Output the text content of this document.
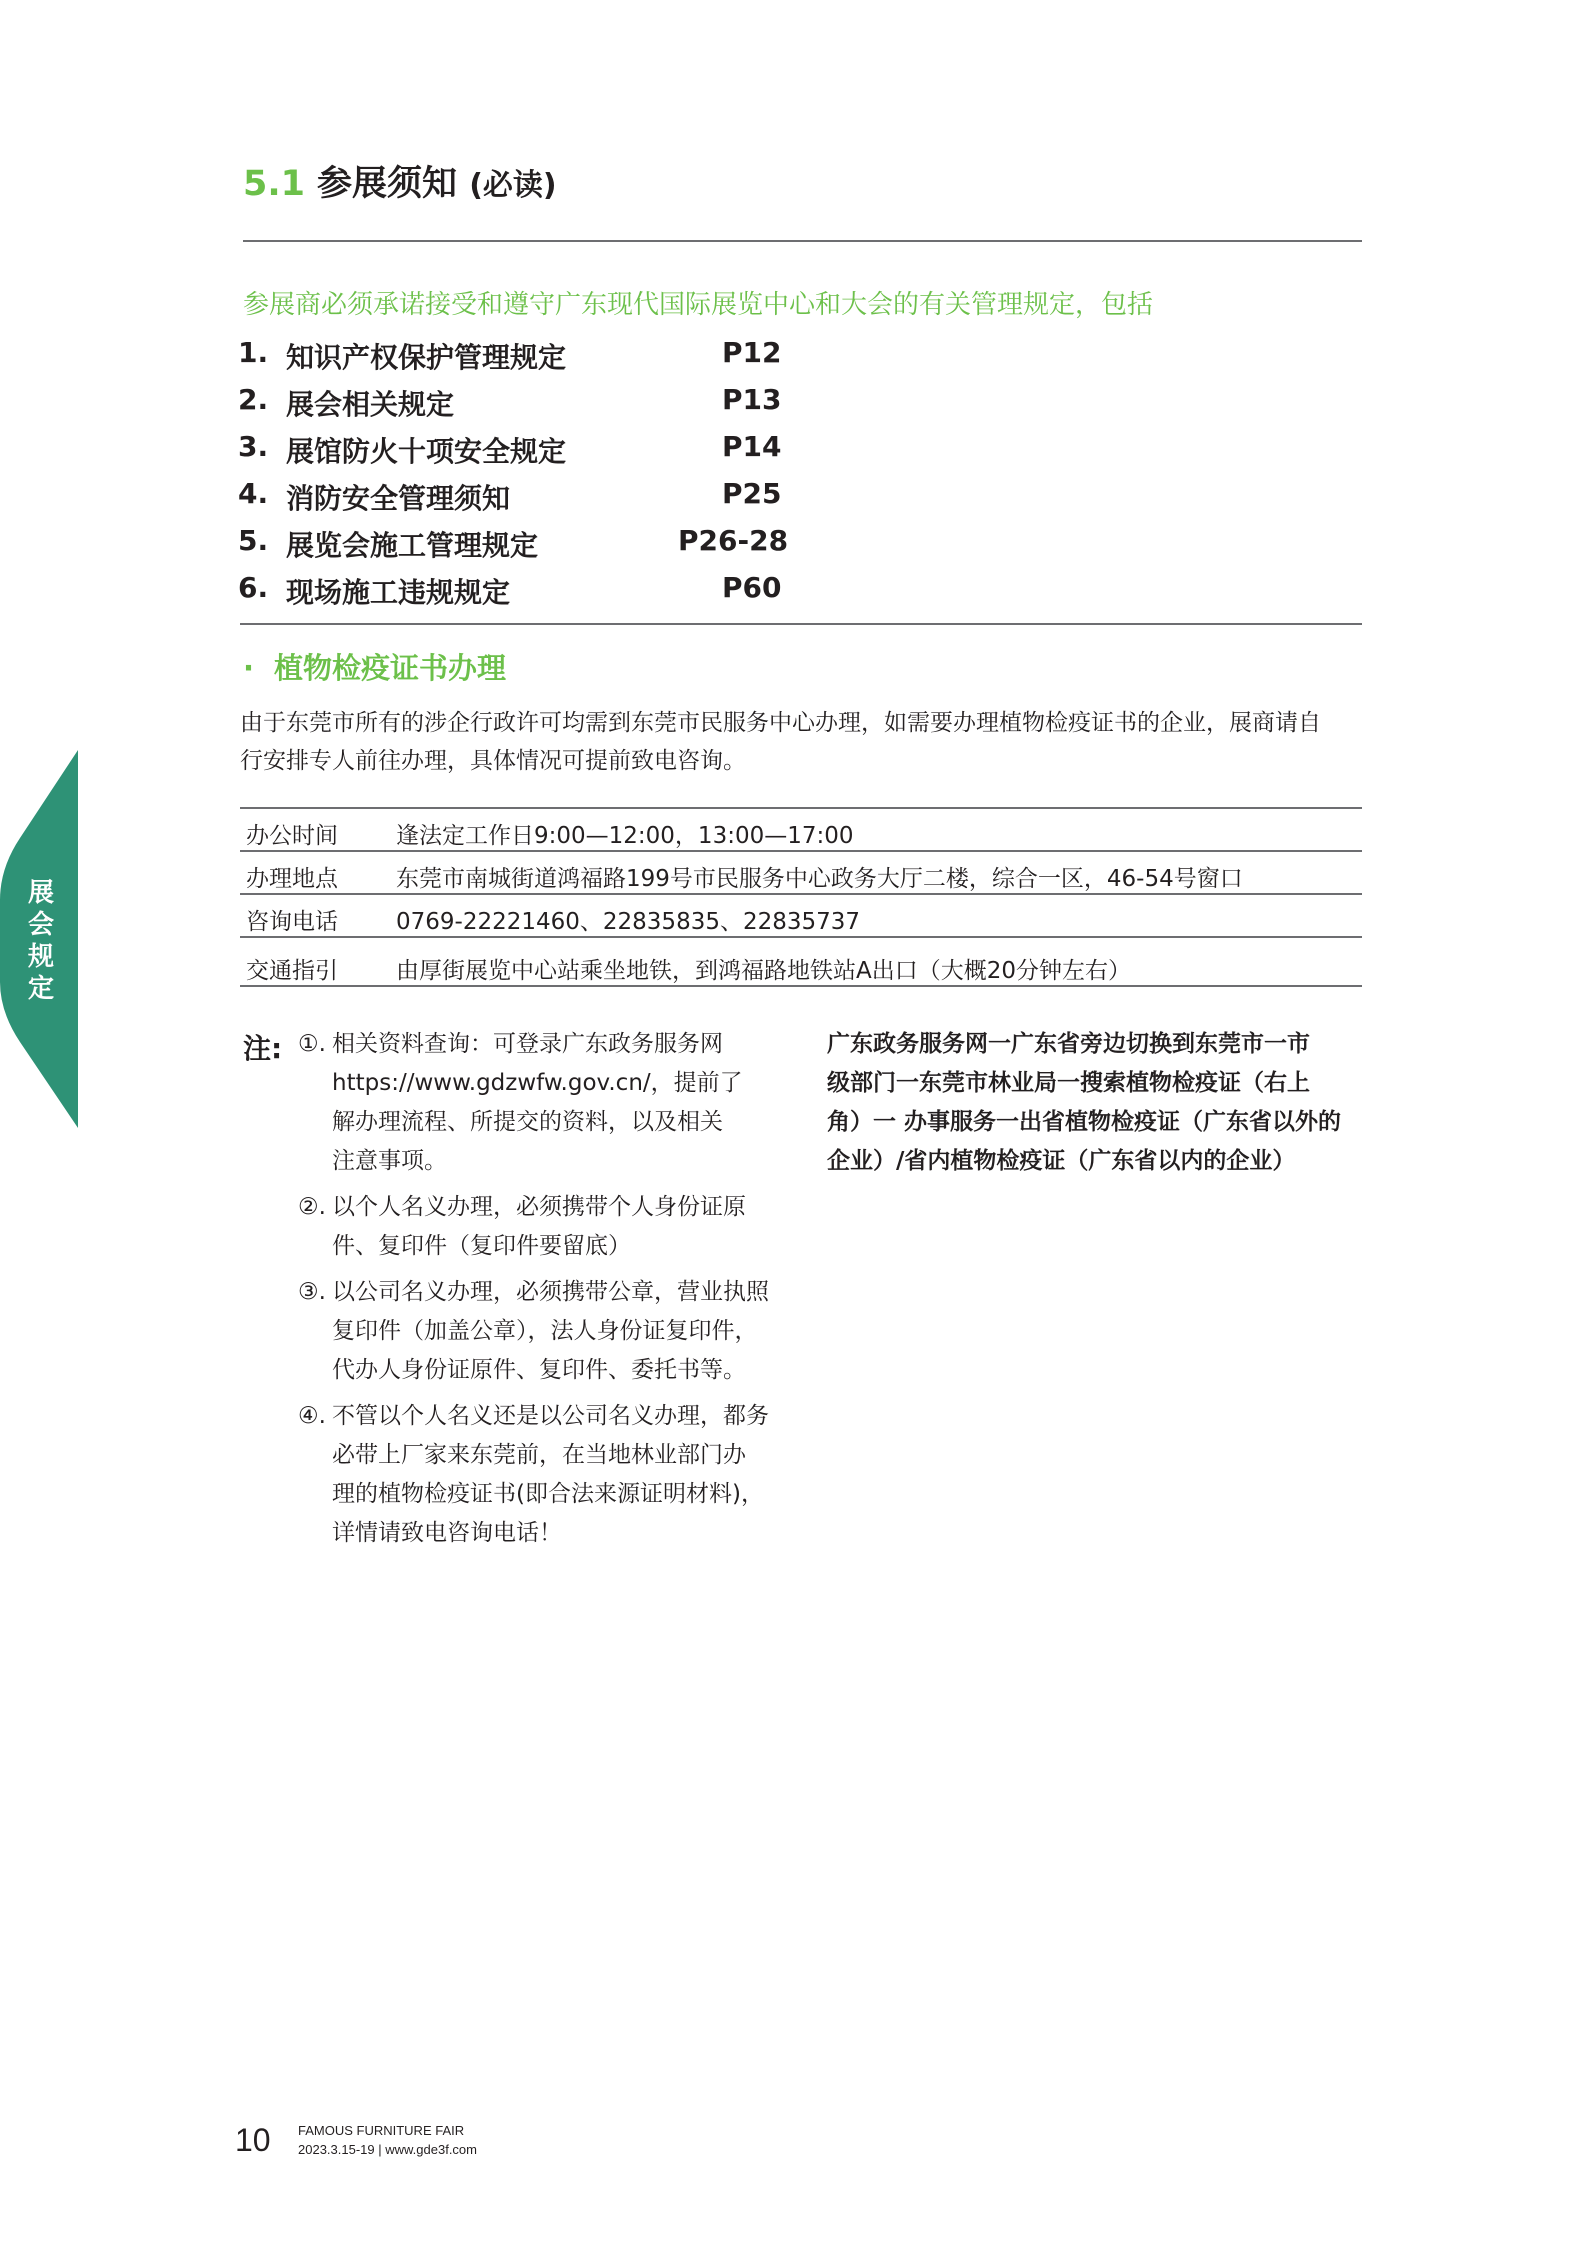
5.1 参展须知 (必读)
参展商必须承诺接受和遵守广东现代国际展览中心和大会的有关管理规定，包括
1. 知识产权保护管理规定	P12
2. 展会相关规定	P13
3. 展馆防火十项安全规定	P14
4. 消防安全管理须知	P25
5. 展览会施工管理规定	P26-28
6. 现场施工违规规定	P60
· 植物检疫证书办理
由于东莞市所有的涉企行政许可均需到东莞市民服务中心办理，如需要办理植物检疫证书的企业，展商请自
行安排专人前往办理，具体情况可提前致电咨询。
办公时间	逢法定工作日9:00—12:00，13:00—17:00
办理地点	东莞市南城街道鸿福路199号市民服务中心政务大厅二楼，综合一区，46-54号窗口
咨询电话	0769-22221460、22835835、22835737
交通指引	由厚街展览中心站乘坐地铁，到鸿福路地铁站A出口（大概20分钟左右）
注: ①. 相关资料查询：可登录广东政务服务网
https://www.gdzwfw.gov.cn/，提前了
解办理流程、所提交的资料，以及相关
注意事项。
②. 以个人名义办理，必须携带个人身份证原
件、复印件（复印件要留底）
③. 以公司名义办理，必须携带公章，营业执照
复印件（加盖公章），法人身份证复印件，
代办人身份证原件、复印件、委托书等。
④. 不管以个人名义还是以公司名义办理，都务
必带上厂家来东莞前，在当地林业部门办
理的植物检疫证书(即合法来源证明材料)，
详情请致电咨询电话！
广东政务服务网一广东省旁边切换到东莞市一市
级部门一东莞市林业局一搜索植物检疫证（右上
角）一 办事服务一出省植物检疫证（广东省以外的
企业）/省内植物检疫证（广东省以内的企业）
展
会
规
定
10 FAMOUS FURNITURE FAIR
2023.3.15-19 | www.gde3f.com
